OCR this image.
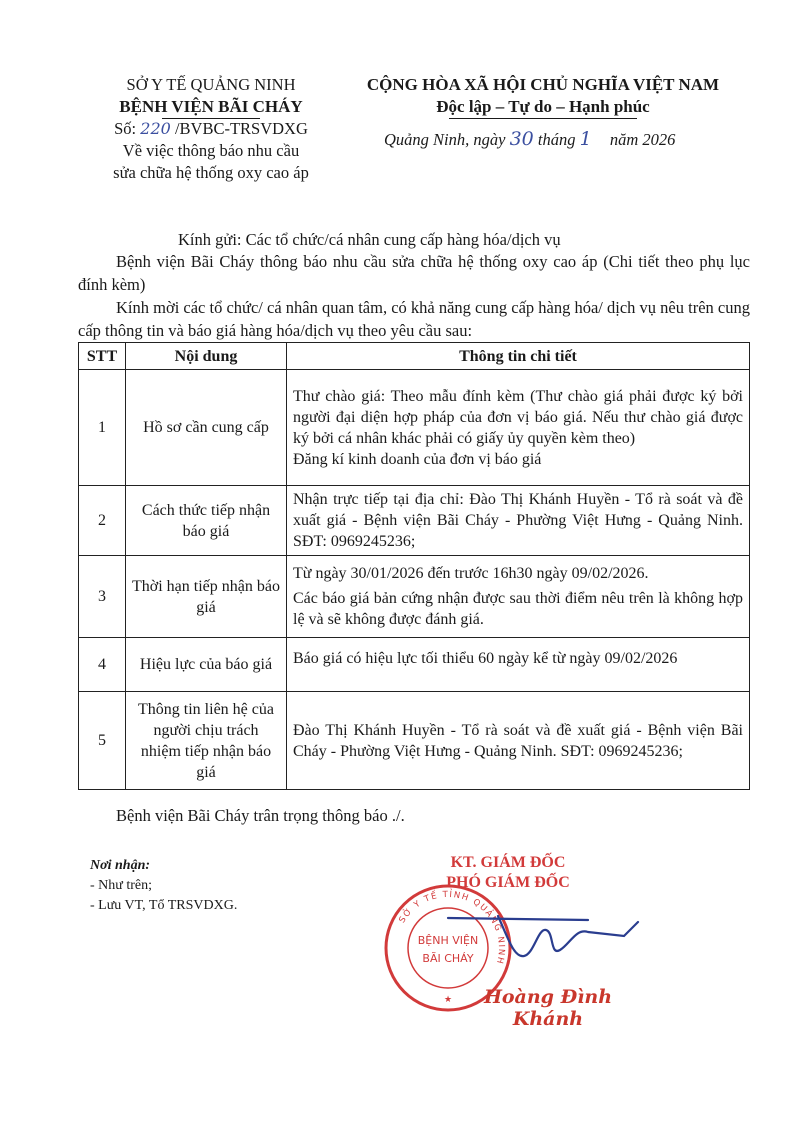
SỞ Y TẾ QUẢNG NINH
BỆNH VIỆN BÃI CHÁY
Số: 220 /BVBC-TRSVDXG
Về việc thông báo nhu cầu
sửa chữa hệ thống oxy cao áp
CỘNG HÒA XÃ HỘI CHỦ NGHĨA VIỆT NAM
Độc lập – Tự do – Hạnh phúc
Quảng Ninh, ngày 30 tháng 1 năm 2026
Kính gửi: Các tổ chức/cá nhân cung cấp hàng hóa/dịch vụ
Bệnh viện Bãi Cháy thông báo nhu cầu sửa chữa hệ thống oxy cao áp (Chi tiết theo phụ lục đính kèm)
Kính mời các tổ chức/ cá nhân quan tâm, có khả năng cung cấp hàng hóa/ dịch vụ nêu trên cung cấp thông tin và báo giá hàng hóa/dịch vụ theo yêu cầu sau:
STT	Nội dung	Thông tin chi tiết
1	Hồ sơ cần cung cấp	Thư chào giá: Theo mẫu đính kèm (Thư chào giá phải được ký bởi người đại diện hợp pháp của đơn vị báo giá. Nếu thư chào giá được ký bởi cá nhân khác phải có giấy ủy quyền kèm theo)
Đăng kí kinh doanh của đơn vị báo giá

2	Cách thức tiếp nhận báo giá	Nhận trực tiếp tại địa chỉ: Đào Thị Khánh Huyền - Tổ rà soát và đề xuất giá - Bệnh viện Bãi Cháy - Phường Việt Hưng - Quảng Ninh. SĐT: 0969245236;

3	Thời hạn tiếp nhận báo giá	Từ ngày 30/01/2026 đến trước 16h30 ngày 09/02/2026.
Các báo giá bản cứng nhận được sau thời điểm nêu trên là không hợp lệ và sẽ không được đánh giá.

4	Hiệu lực của báo giá	Báo giá có hiệu lực tối thiểu 60 ngày kể từ ngày 09/02/2026

5	Thông tin liên hệ của người chịu trách nhiệm tiếp nhận báo giá	Đào Thị Khánh Huyền - Tổ rà soát và đề xuất giá - Bệnh viện Bãi Cháy - Phường Việt Hưng - Quảng Ninh. SĐT: 0969245236;
Bệnh viện Bãi Cháy trân trọng thông báo ./.
Nơi nhận:
- Như trên;
- Lưu VT, Tổ TRSVDXG.
KT. GIÁM ĐỐC
PHÓ GIÁM ĐỐC
SỞ Y TẾ TỈNH QUẢNG NINH
BỆNH VIỆN
BÃI CHÁY
★	Hoàng Đình Khánh
